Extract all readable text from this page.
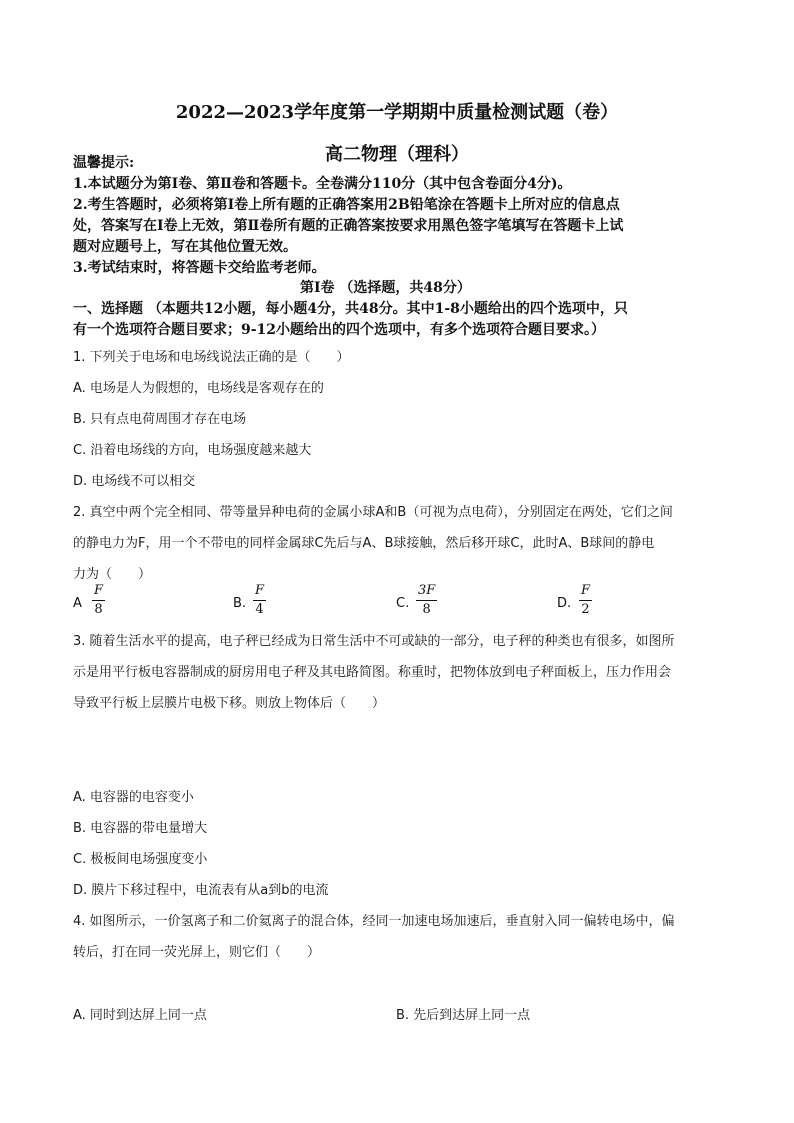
2022—2023学年度第一学期期中质量检测试题（卷）
高二物理（理科）
温馨提示:
1.本试题分为第Ⅰ卷、第Ⅱ卷和答题卡。全卷满分110分（其中包含卷面分4分)。
2.考生答题时，必须将第Ⅰ卷上所有题的正确答案用2B铅笔涂在答题卡上所对应的信息点
处，答案写在Ⅰ卷上无效，第Ⅱ卷所有题的正确答案按要求用黑色签字笔填写在答题卡上试
题对应题号上，写在其他位置无效。
3.考试结束时，将答题卡交给监考老师。
第Ⅰ卷 （选择题，共48分）
一、选择题 （本题共12小题，每小题4分，共48分。其中1-8小题给出的四个选项中，只
有一个选项符合题目要求；9-12小题给出的四个选项中，有多个选项符合题目要求。）
1. 下列关于电场和电场线说法正确的是（　　）
A. 电场是人为假想的，电场线是客观存在的
B. 只有点电荷周围才存在电场
C. 沿着电场线的方向，电场强度越来越大
D. 电场线不可以相交
2. 真空中两个完全相同、带等量异种电荷的金属小球A和B（可视为点电荷），分别固定在两处，它们之间
的静电力为F，用一个不带电的同样金属球C先后与A、B球接触，然后移开球C，此时A、B球间的静电
力为（　　）
A $\frac{F}{8}$	B. $\frac{F}{4}$	C. $\frac{3F}{8}$	D. $\frac{F}{2}$
3. 随着生活水平的提高，电子秤已经成为日常生活中不可或缺的一部分，电子秤的种类也有很多，如图所
示是用平行板电容器制成的厨房用电子秤及其电路简图。称重时，把物体放到电子秤面板上，压力作用会
导致平行板上层膜片电极下移。则放上物体后（　　）
A. 电容器的电容变小
B. 电容器的带电量增大
C. 极板间电场强度变小
D. 膜片下移过程中，电流表有从a到b的电流
4. 如图所示，一价氢离子和二价氦离子的混合体，经同一加速电场加速后，垂直射入同一偏转电场中，偏
转后，打在同一荧光屏上，则它们（　　）
A. 同时到达屏上同一点	B. 先后到达屏上同一点
